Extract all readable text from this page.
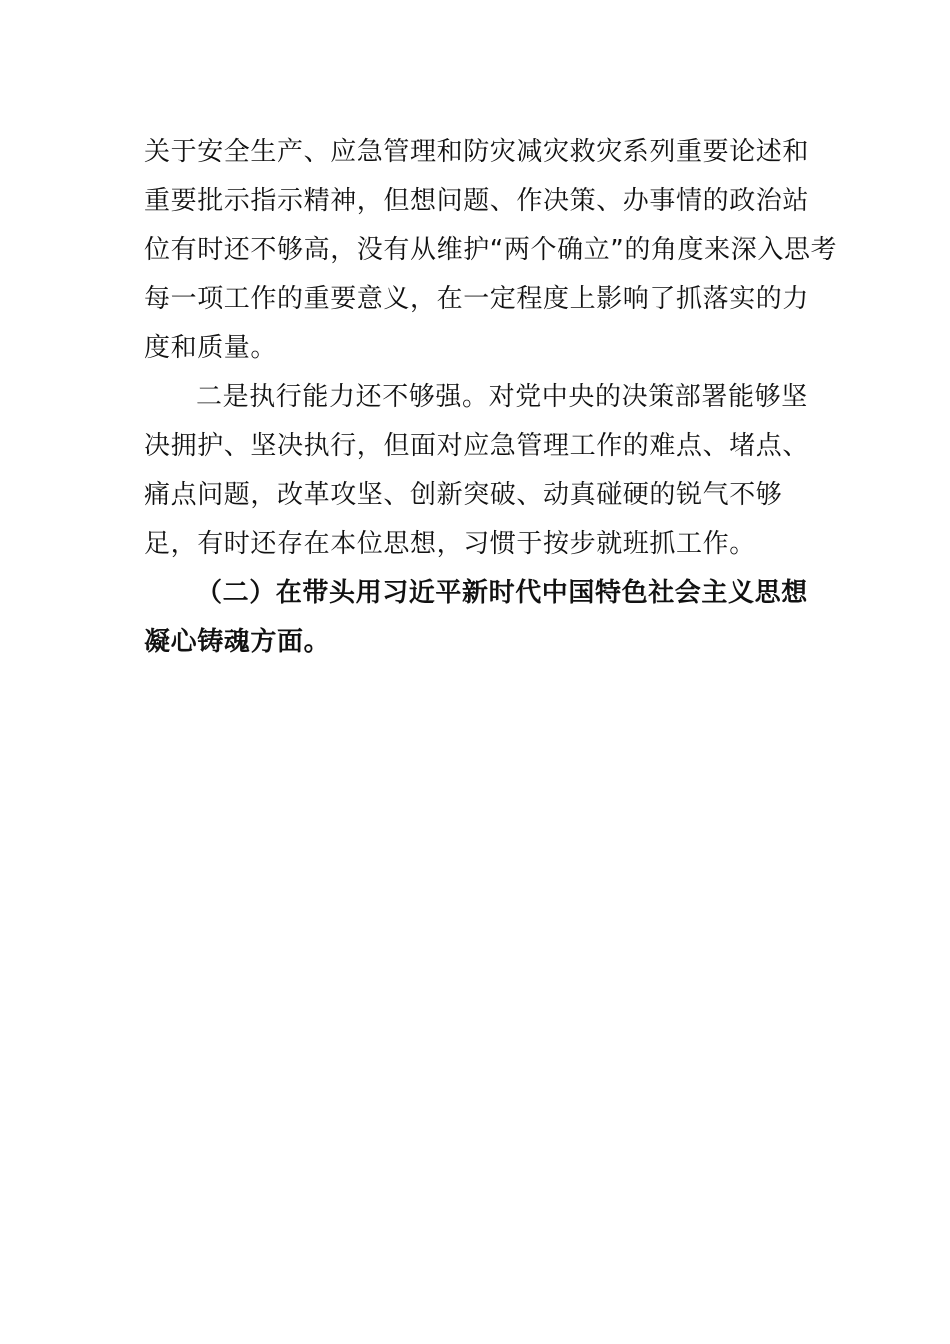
关于安全生产、应急管理和防灾减灾救灾系列重要论述和
重要批示指示精神，但想问题、作决策、办事情的政治站
位有时还不够高，没有从维护“两个确立”的角度来深入思考
每一项工作的重要意义，在一定程度上影响了抓落实的力
度和质量。
二是执行能力还不够强。对党中央的决策部署能够坚
决拥护、坚决执行，但面对应急管理工作的难点、堵点、
痛点问题，改革攻坚、创新突破、动真碰硬的锐气不够
足，有时还存在本位思想，习惯于按步就班抓工作。
（二）在带头用习近平新时代中国特色社会主义思想
凝心铸魂方面。
